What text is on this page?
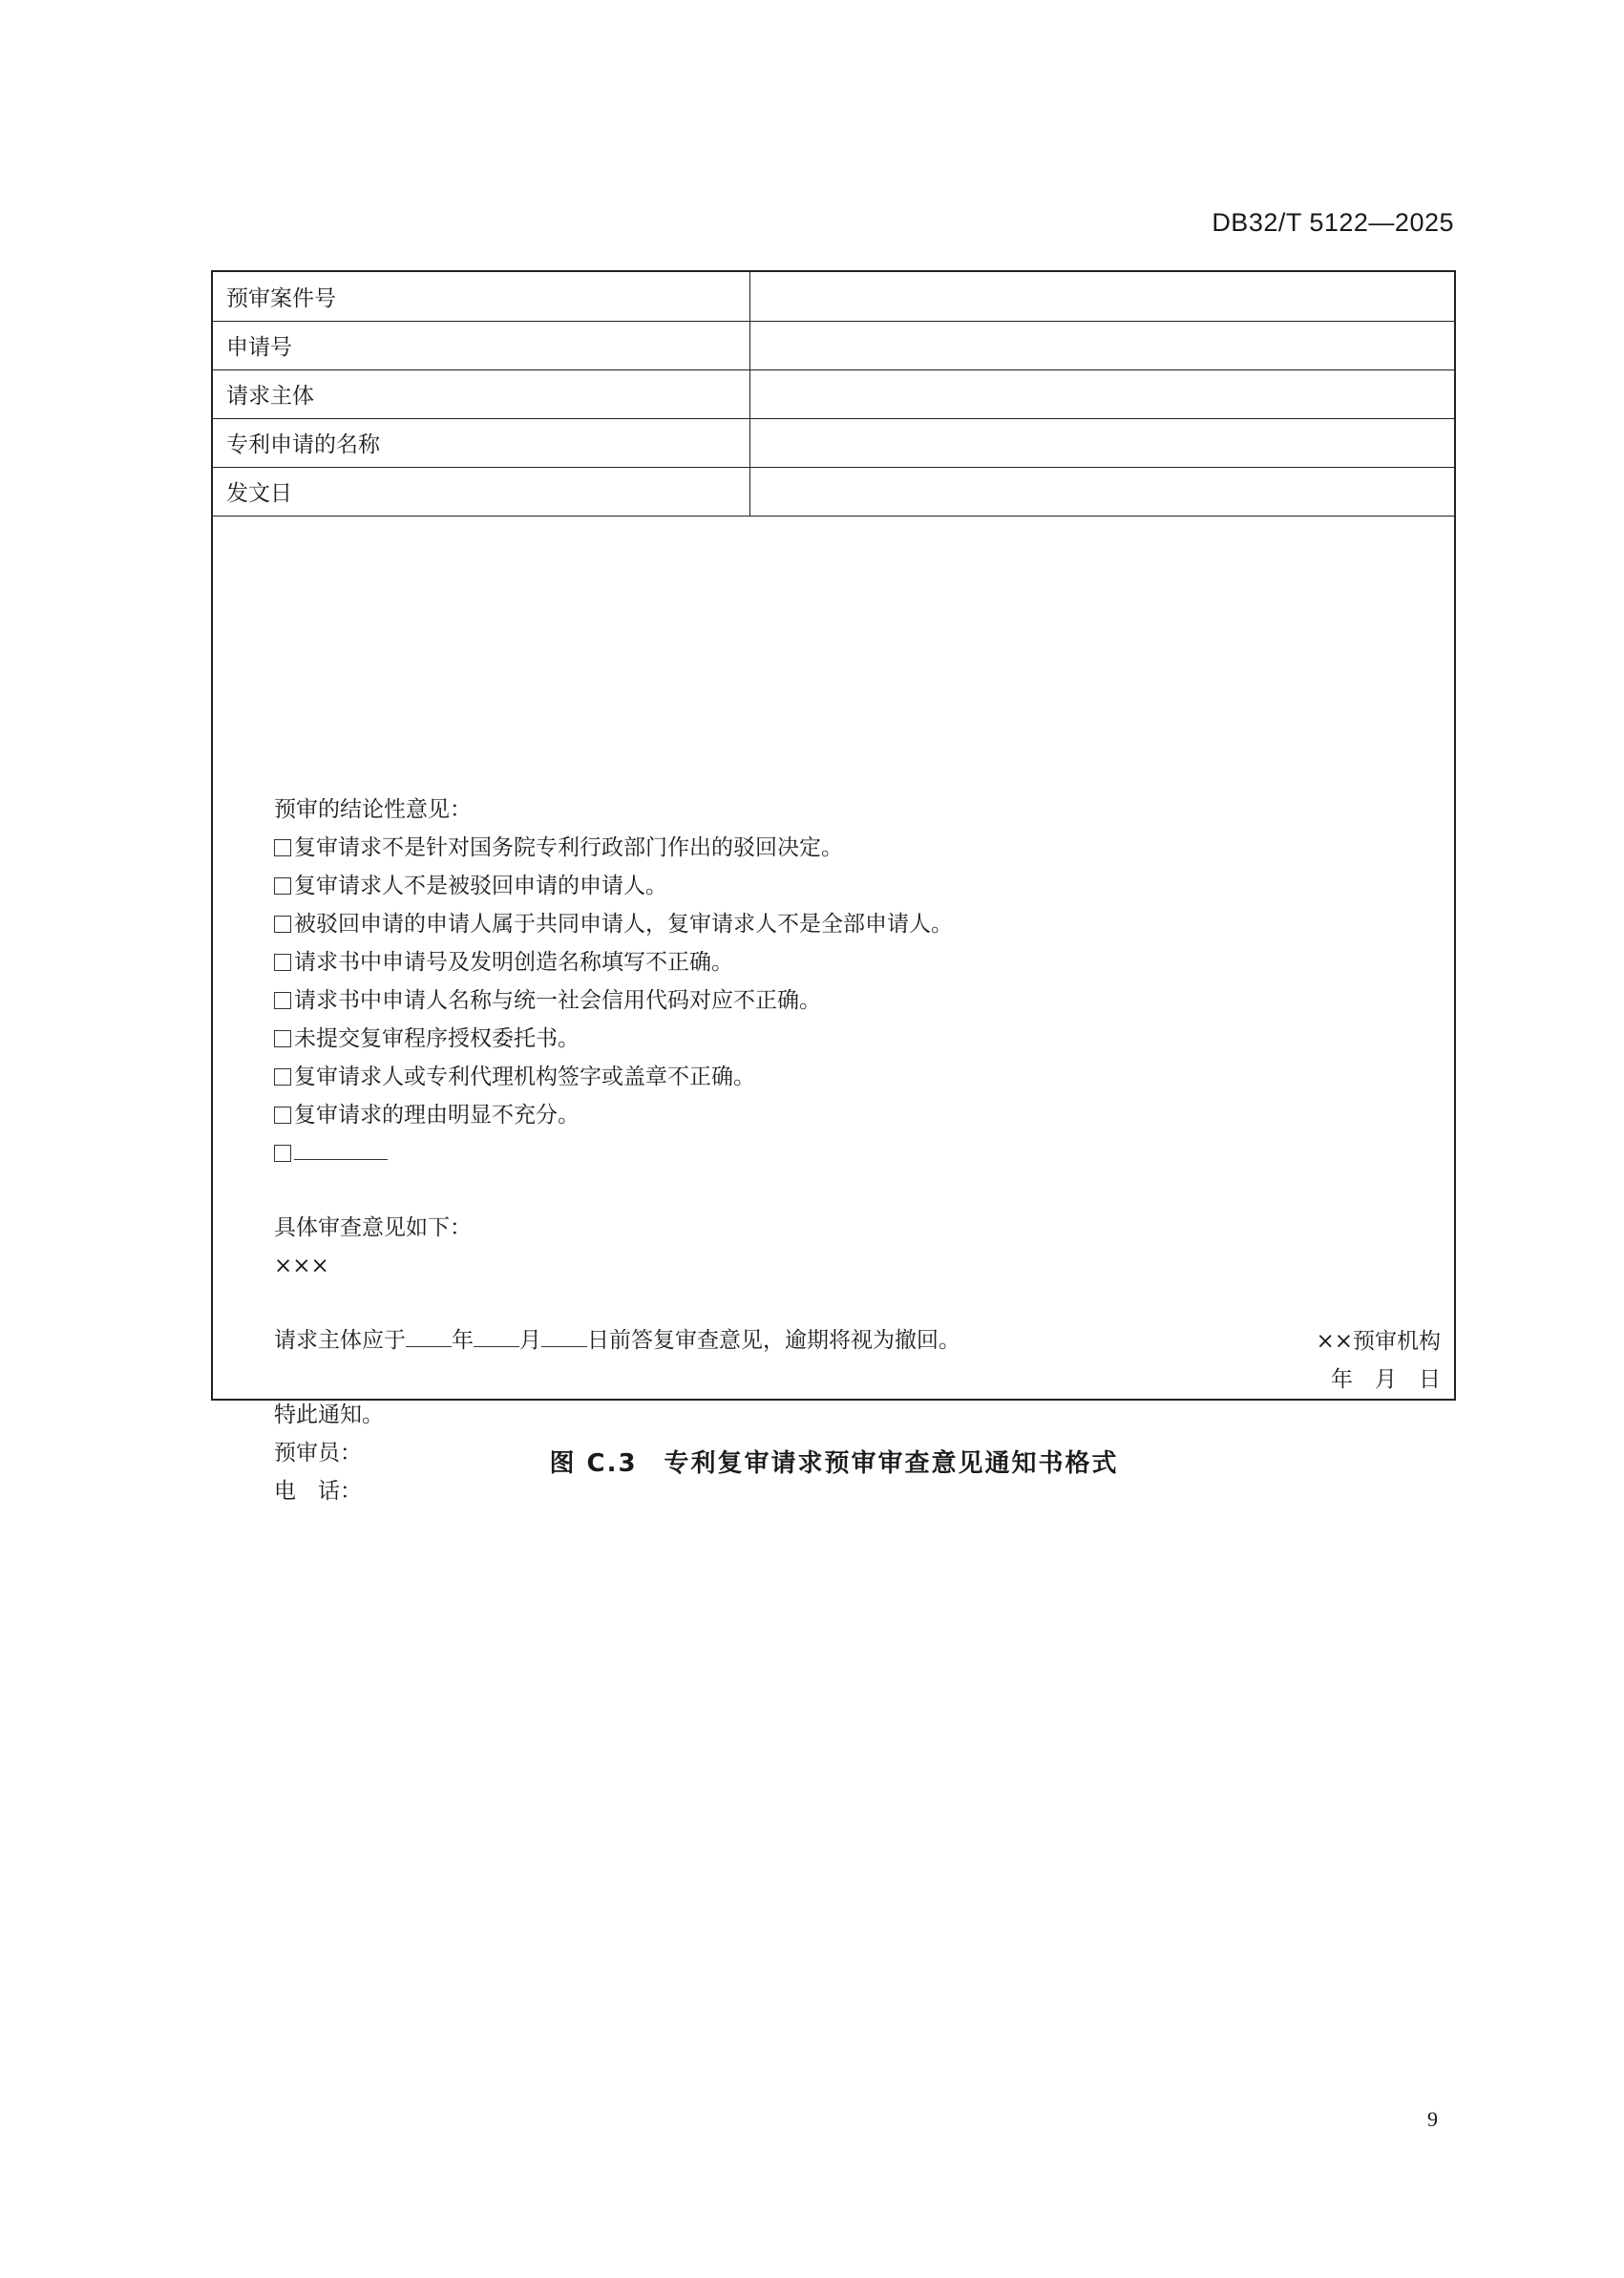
DB32/T 5122—2025
预审案件号	
申请号	
请求主体	
专利申请的名称	
发文日	
预审的结论性意见：
复审请求不是针对国务院专利行政部门作出的驳回决定。
复审请求人不是被驳回申请的申请人。
被驳回申请的申请人属于共同申请人，复审请求人不是全部申请人。
请求书中申请号及发明创造名称填写不正确。
请求书中申请人名称与统一社会信用代码对应不正确。
未提交复审程序授权委托书。
复审请求人或专利代理机构签字或盖章不正确。
复审请求的理由明显不充分。
具体审查意见如下：
×××
请求主体应于 年 月 日前答复审查意见，逾期将视为撤回。
特此通知。
预审员：
电　话：
××预审机构
年　月　日
图 C.3　专利复审请求预审审查意见通知书格式
9
